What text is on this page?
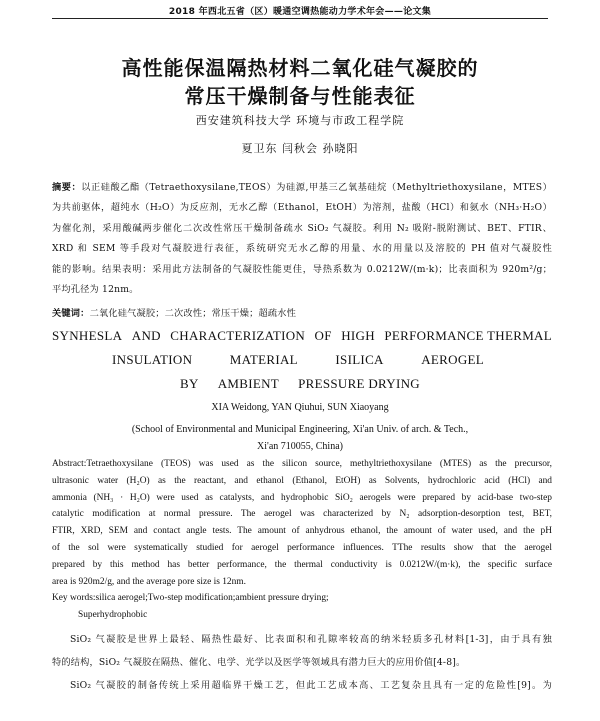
2018 年西北五省（区）暖通空调热能动力学术年会——论文集
高性能保温隔热材料二氧化硅气凝胶的
常压干燥制备与性能表征
西安建筑科技大学 环境与市政工程学院
夏卫东 闫秋会 孙晓阳
摘要：以正硅酸乙酯（Tetraethoxysilane,TEOS）为硅源,甲基三乙氧基硅烷（Methyltriethoxysilane，MTES）
为共前驱体，超纯水（H₂O）为反应剂，无水乙醇（Ethanol，EtOH）为溶剂，盐酸（HCl）和氨水（NH₃·H₂O）
为催化剂，采用酸碱两步催化二次改性常压干燥制备疏水 SiO₂ 气凝胶。利用 N₂ 吸附-脱附测试、BET、FTIR、
XRD 和 SEM 等手段对气凝胶进行表征，系统研究无水乙醇的用量、水的用量以及溶胶的 PH 值对气凝胶性
能的影响。结果表明：采用此方法制备的气凝胶性能更佳，导热系数为 0.0212W/(m·k)；比表面积为 920m²/g；
平均孔径为 12nm。
关键词：二氧化硅气凝胶；二次改性；常压干燥；超疏水性
SYNHESLA AND CHARACTERIZATION OF HIGH PERFORMANCE THERMAL
INSULATION	MATERIAL	ISILICA	AEROGEL
BY AMBIENT PRESSURE DRYING
XIA Weidong, YAN Qiuhui, SUN Xiaoyang
(School of Environmental and Municipal Engineering, Xi'an Univ. of arch. & Tech.,
Xi'an 710055, China)
Abstract:Tetraethoxysilane (TEOS) was used as the silicon source, methyltriethoxysilane (MTES) as the precursor,
ultrasonic water (H₂O) as the reactant, and ethanol (Ethanol, EtOH) as Solvents, hydrochloric acid (HCl) and
ammonia (NH₃ · H₂O) were used as catalysts, and hydrophobic SiO₂ aerogels were prepared by acid-base two-step
catalytic modification at normal pressure. The aerogel was characterized by N₂ adsorption-desorption test, BET,
FTIR, XRD, SEM and contact angle tests. The amount of anhydrous ethanol, the amount of water used, and the pH
of the sol were systematically studied for aerogel performance influences. TThe results show that the aerogel
prepared by this method has better performance, the thermal conductivity is 0.0212W/(m·k), the specific surface
area is 920m2/g, and the average pore size is 12nm.
Key words:silica aerogel;Two-step modification;ambient pressure drying;
Superhydrophobic
SiO₂ 气凝胶是世界上最轻、隔热性最好、比表面积和孔隙率较高的纳米轻质多孔材料[1-3]，由于具有独
特的结构，SiO₂ 气凝胶在隔热、催化、电学、光学以及医学等领域具有潜力巨大的应用价值[4-8]。
SiO₂ 气凝胶的制备传统上采用超临界干燥工艺，但此工艺成本高、工艺复杂且具有一定的危险性[9]。为
